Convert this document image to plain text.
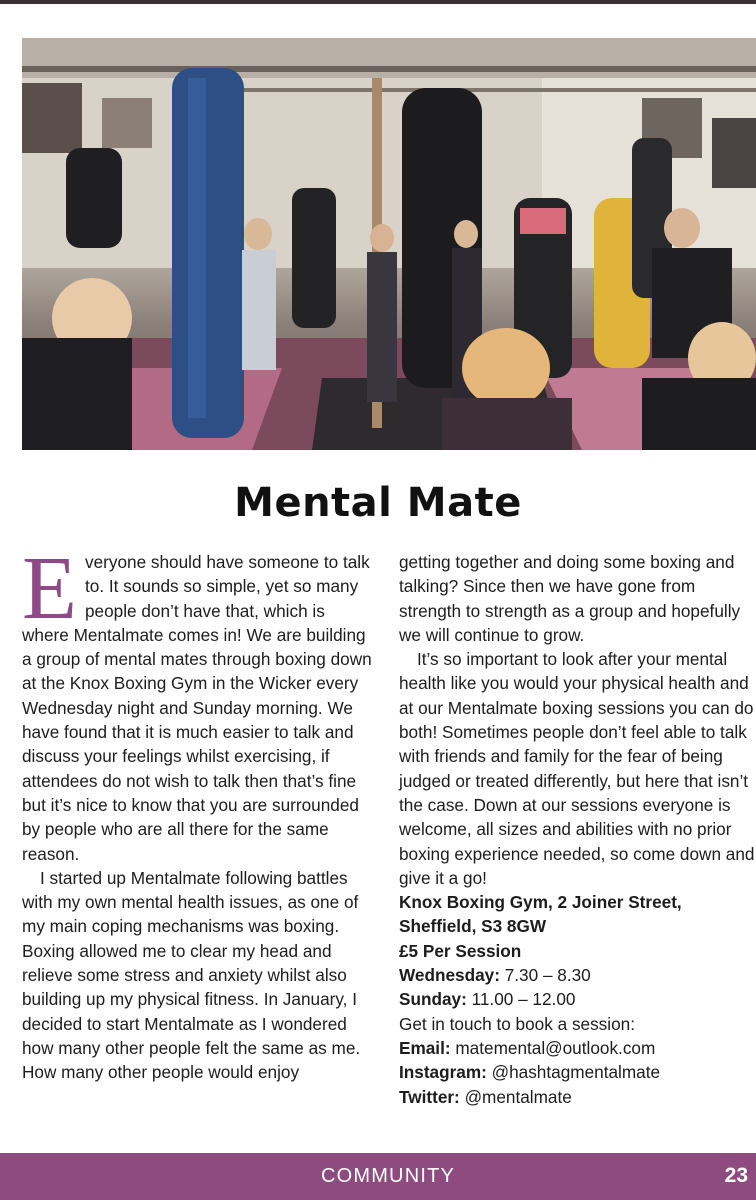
Mental Mate

Everyone should have someone to talk to. It sounds so simple, yet so many people don’t have that, which is where Mentalmate comes in! We are building a group of mental mates through boxing down at the Knox Boxing Gym in the Wicker every Wednesday night and Sunday morning. We have found that it is much easier to talk and discuss your feelings whilst exercising, if attendees do not wish to talk then that’s fine but it’s nice to know that you are surrounded by people who are all there for the same reason.

I started up Mentalmate following battles with my own mental health issues, as one of my main coping mechanisms was boxing. Boxing allowed me to clear my head and relieve some stress and anxiety whilst also building up my physical fitness. In January, I decided to start Mentalmate as I wondered how many other people felt the same as me. How many other people would enjoy

getting together and doing some boxing and talking? Since then we have gone from strength to strength as a group and hopefully we will continue to grow.

It’s so important to look after your mental health like you would your physical health and at our Mentalmate boxing sessions you can do both! Sometimes people don’t feel able to talk with friends and family for the fear of being judged or treated differently, but here that isn’t the case. Down at our sessions everyone is welcome, all sizes and abilities with no prior boxing experience needed, so come down and give it a go!

Knox Boxing Gym, 2 Joiner Street, Sheffield, S3 8GW

£5 Per Session

Wednesday: 7.30 – 8.30

Sunday: 11.00 – 12.00

Get in touch to book a session:

Email: matemental@outlook.com

Instagram: @hashtagmentalmate

Twitter: @mentalmate

COMMUNITY	23
